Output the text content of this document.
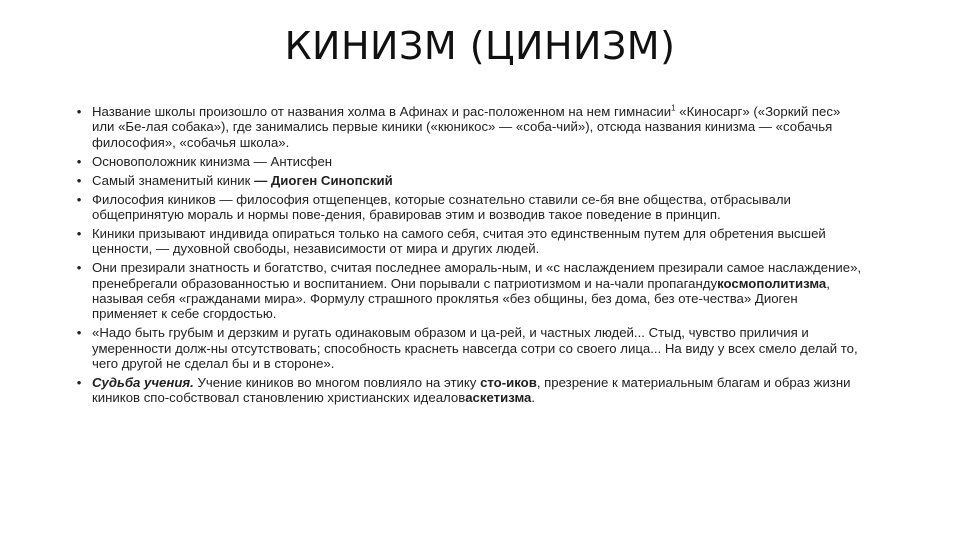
КИНИЗМ (ЦИНИЗМ)
• Название школы произошло от названия холма в Афинах и рас-положенном на нем гимнасии$^1$ «Киносарг» («Зоркий пес» или «Бе-лая собака»), где занимались первые киники («кюникос» — «соба-чий»), отсюда названия кинизма — «собачья философия», «собачья школа».
• Основоположник кинизма — Антисфен
• Самый знаменитый киник — Диоген Синопский
• Философия киников — философия отщепенцев, которые сознательно ставили се-бя вне общества, отбрасывали общепринятую мораль и нормы пове-дения, бравировав этим и возводив такое поведение в принцип.
• Киники призывают индивида опираться только на самого себя, считая это единственным путем для обретения высшей ценности, — духовной свободы, независимости от мира и других людей.
• Они презирали знатность и богатство, считая последнее амораль-ным, и «с наслаждением презирали самое наслаждение», пренебрегали образованностью и воспитанием. Они порывали с патриотизмом и на-чали пропагандукосмополитизма, называя себя «гражданами мира». Формулу страшного проклятья «без общины, без дома, без оте-чества» Диоген применяет к себе сгордостью.
• «Надо быть грубым и дерзким и ругать одинаковым образом и ца-рей, и частных людей... Стыд, чувство приличия и умеренности долж-ны отсутствовать; способность краснеть навсегда сотри со своего лица... На виду у всех смело делай то, чего другой не сделал бы и в стороне».
• Судьба учения. Учение киников во многом повлияло на этику сто-иков, презрение к материальным благам и образ жизни киников спо-собствовал становлению христианских идеаловаскетизма.
